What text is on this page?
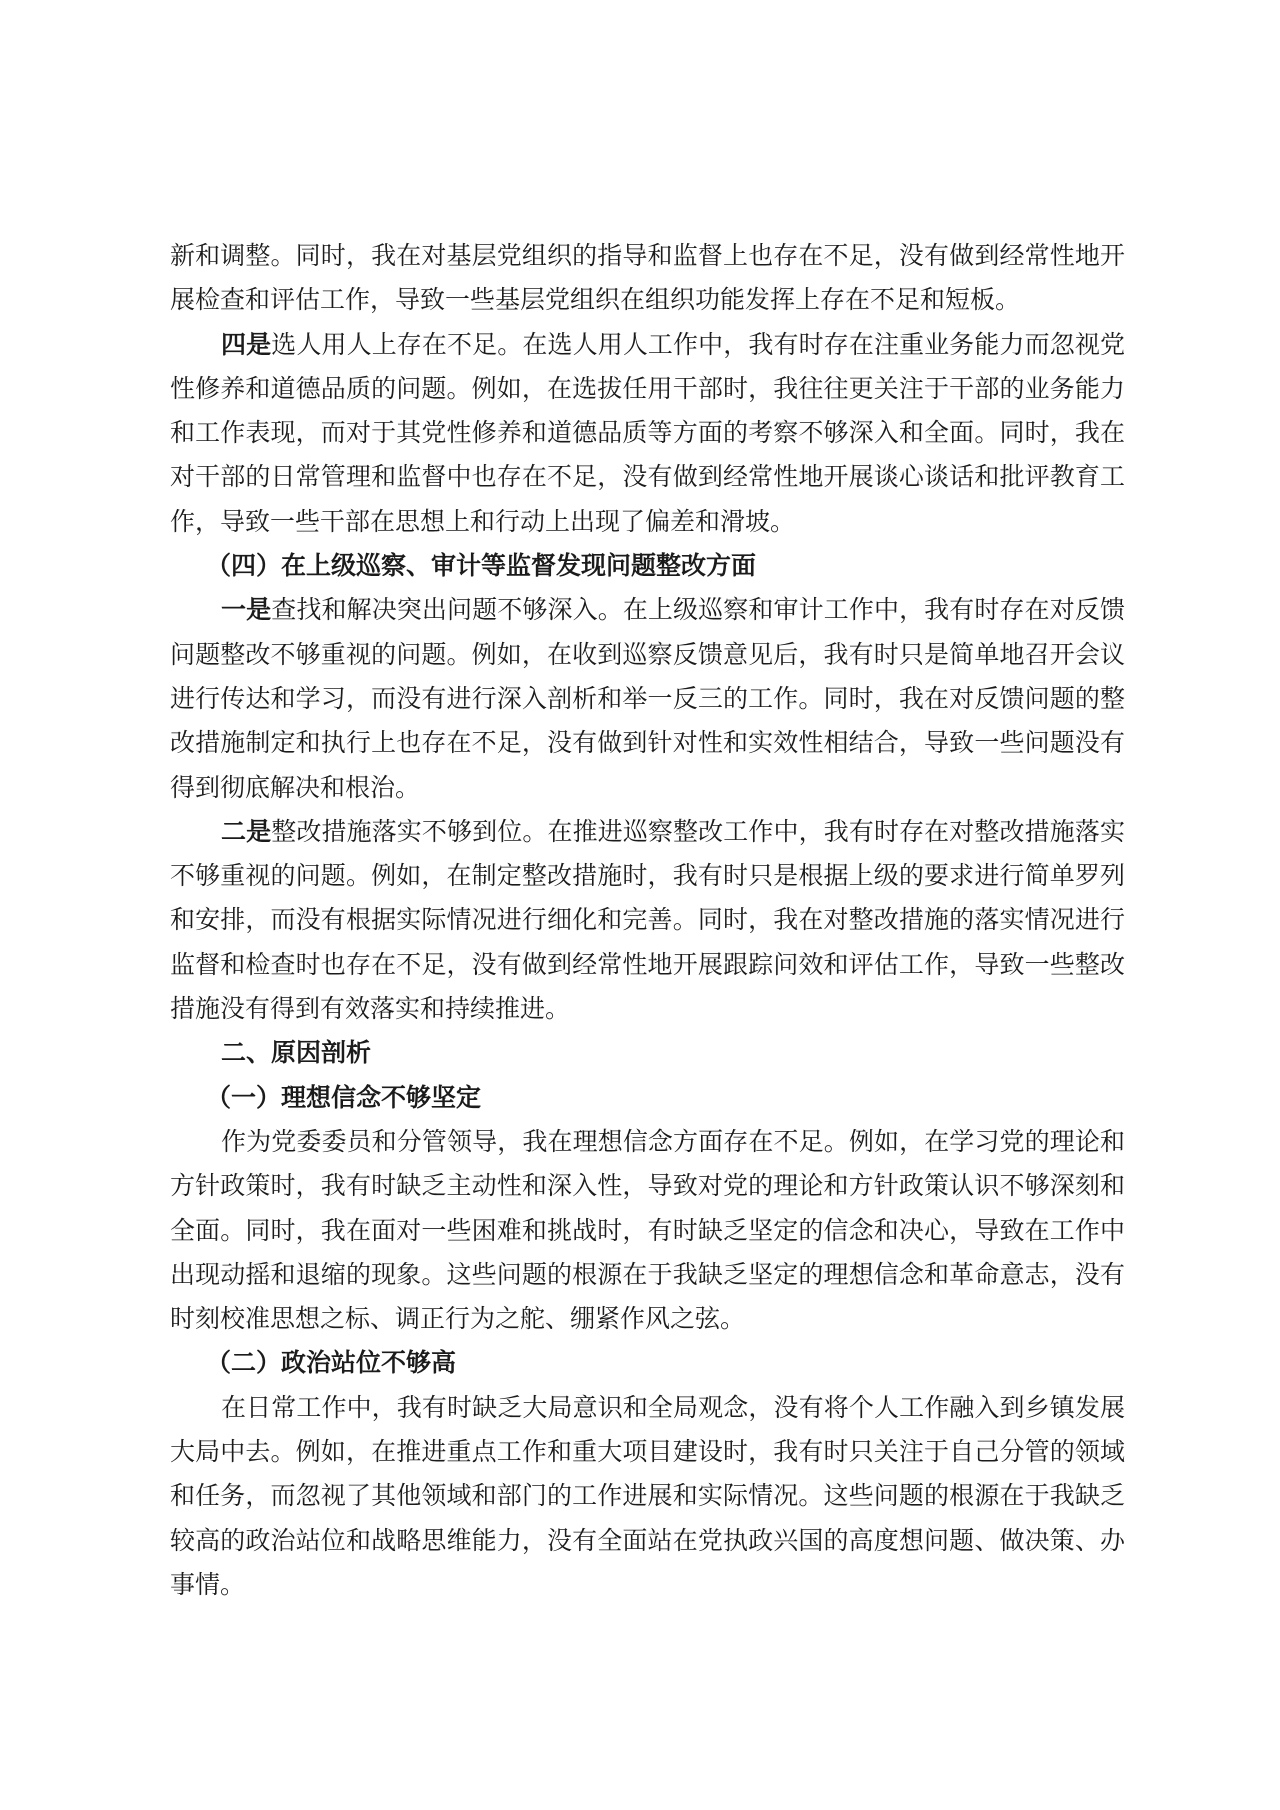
新和调整。同时，我在对基层党组织的指导和监督上也存在不足，没有做到经常性地开展检查和评估工作，导致一些基层党组织在组织功能发挥上存在不足和短板。

四是选人用人上存在不足。在选人用人工作中，我有时存在注重业务能力而忽视党性修养和道德品质的问题。例如，在选拔任用干部时，我往往更关注于干部的业务能力和工作表现，而对于其党性修养和道德品质等方面的考察不够深入和全面。同时，我在对干部的日常管理和监督中也存在不足，没有做到经常性地开展谈心谈话和批评教育工作，导致一些干部在思想上和行动上出现了偏差和滑坡。

（四）在上级巡察、审计等监督发现问题整改方面

一是查找和解决突出问题不够深入。在上级巡察和审计工作中，我有时存在对反馈问题整改不够重视的问题。例如，在收到巡察反馈意见后，我有时只是简单地召开会议进行传达和学习，而没有进行深入剖析和举一反三的工作。同时，我在对反馈问题的整改措施制定和执行上也存在不足，没有做到针对性和实效性相结合，导致一些问题没有得到彻底解决和根治。

二是整改措施落实不够到位。在推进巡察整改工作中，我有时存在对整改措施落实不够重视的问题。例如，在制定整改措施时，我有时只是根据上级的要求进行简单罗列和安排，而没有根据实际情况进行细化和完善。同时，我在对整改措施的落实情况进行监督和检查时也存在不足，没有做到经常性地开展跟踪问效和评估工作，导致一些整改措施没有得到有效落实和持续推进。

二、原因剖析

（一）理想信念不够坚定

作为党委委员和分管领导，我在理想信念方面存在不足。例如，在学习党的理论和方针政策时，我有时缺乏主动性和深入性，导致对党的理论和方针政策认识不够深刻和全面。同时，我在面对一些困难和挑战时，有时缺乏坚定的信念和决心，导致在工作中出现动摇和退缩的现象。这些问题的根源在于我缺乏坚定的理想信念和革命意志，没有时刻校准思想之标、调正行为之舵、绷紧作风之弦。

（二）政治站位不够高

在日常工作中，我有时缺乏大局意识和全局观念，没有将个人工作融入到乡镇发展大局中去。例如，在推进重点工作和重大项目建设时，我有时只关注于自己分管的领域和任务，而忽视了其他领域和部门的工作进展和实际情况。这些问题的根源在于我缺乏较高的政治站位和战略思维能力，没有全面站在党执政兴国的高度想问题、做决策、办事情。
